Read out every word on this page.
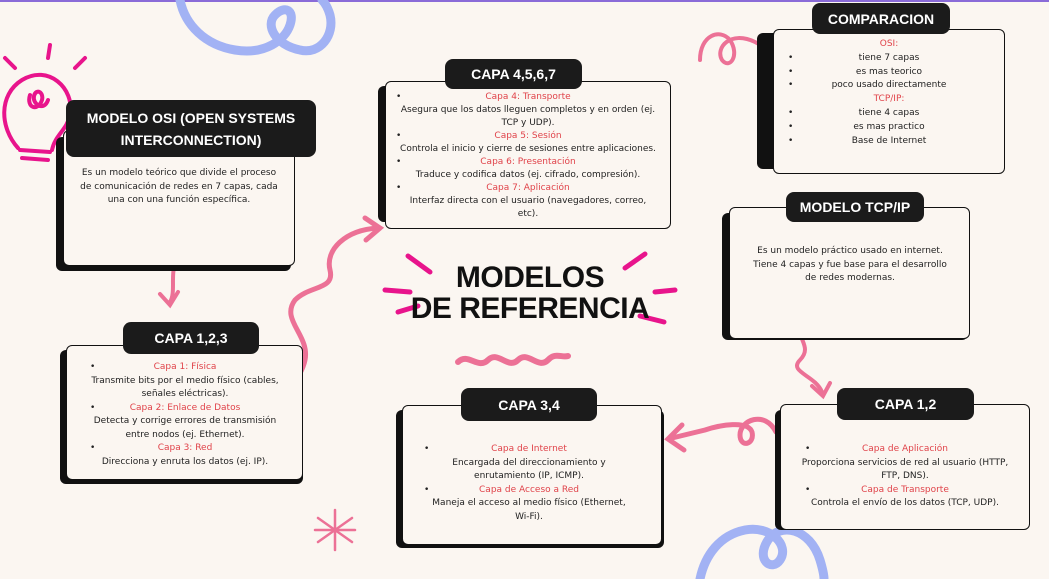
MODELO OSI (OPEN SYSTEMS
INTERCONNECTION)
Es un modelo teórico que divide el proceso
de comunicación de redes en 7 capas, cada
una con una función específica.
CAPA 4,5,6,7
•	Capa 4: Transporte
Asegura que los datos lleguen completos y en orden (ej.
TCP y UDP).
•	Capa 5: Sesión
Controla el inicio y cierre de sesiones entre aplicaciones.
•	Capa 6: Presentación
Traduce y codifica datos (ej. cifrado, compresión).
•	Capa 7: Aplicación
Interfaz directa con el usuario (navegadores, correo,
etc).
COMPARACION
OSI:
•	tiene 7 capas
•	es mas teorico
•	poco usado directamente
TCP/IP:
•	tiene 4 capas
•	es mas practico
•	Base de Internet
MODELOS
DE REFERENCIA
MODELO TCP/IP
Es un modelo práctico usado en internet.
Tiene 4 capas y fue base para el desarrollo
de redes modernas.
CAPA 1,2,3
•	Capa 1: Física
Transmite bits por el medio físico (cables,
señales eléctricas).
•	Capa 2: Enlace de Datos
Detecta y corrige errores de transmisión
entre nodos (ej. Ethernet).
•	Capa 3: Red
Direcciona y enruta los datos (ej. IP).
CAPA 3,4
•	Capa de Internet
Encargada del direccionamiento y
enrutamiento (IP, ICMP).
•	Capa de Acceso a Red
Maneja el acceso al medio físico (Ethernet,
Wi-Fi).
CAPA 1,2
•	Capa de Aplicación
Proporciona servicios de red al usuario (HTTP,
FTP, DNS).
•	Capa de Transporte
Controla el envío de los datos (TCP, UDP).
